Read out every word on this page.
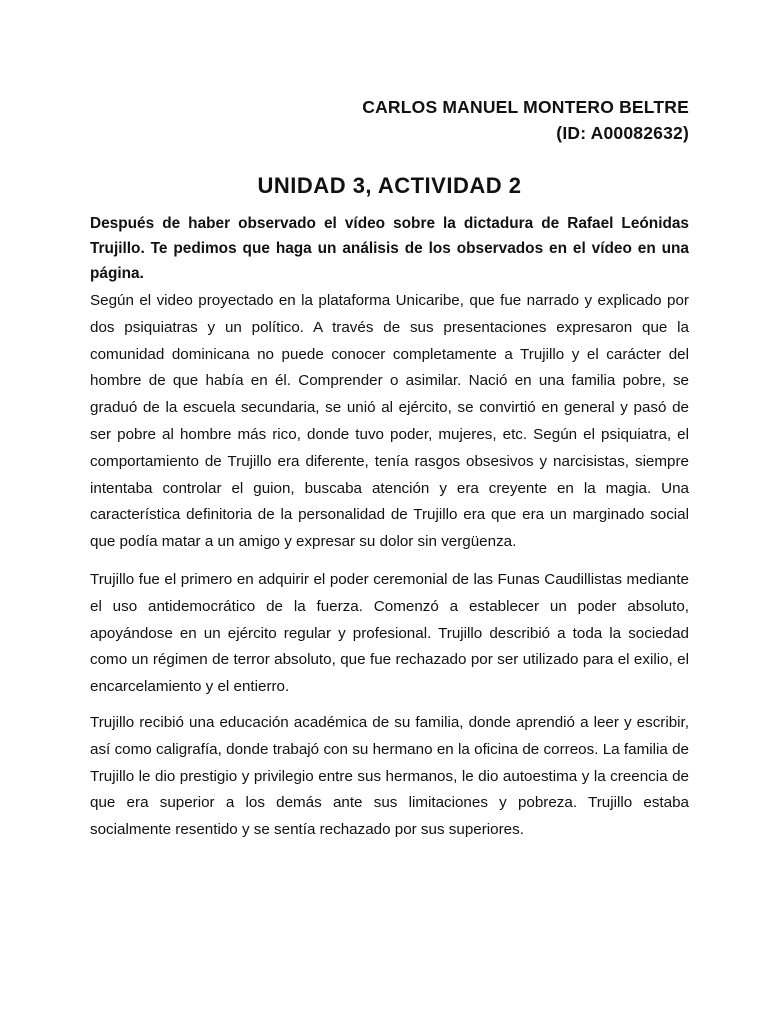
CARLOS MANUEL MONTERO BELTRE
(ID: A00082632)
UNIDAD 3, ACTIVIDAD 2
Después de haber observado el vídeo sobre la dictadura de Rafael Leónidas Trujillo. Te pedimos que haga un análisis de los observados en el vídeo en una página.
Según el video proyectado en la plataforma Unicaribe, que fue narrado y explicado por dos psiquiatras y un político. A través de sus presentaciones expresaron que la comunidad dominicana no puede conocer completamente a Trujillo y el carácter del hombre de que había en él. Comprender o asimilar. Nació en una familia pobre, se graduó de la escuela secundaria, se unió al ejército, se convirtió en general y pasó de ser pobre al hombre más rico, donde tuvo poder, mujeres, etc. Según el psiquiatra, el comportamiento de Trujillo era diferente, tenía rasgos obsesivos y narcisistas, siempre intentaba controlar el guion, buscaba atención y era creyente en la magia. Una característica definitoria de la personalidad de Trujillo era que era un marginado social que podía matar a un amigo y expresar su dolor sin vergüenza.
Trujillo fue el primero en adquirir el poder ceremonial de las Funas Caudillistas mediante el uso antidemocrático de la fuerza. Comenzó a establecer un poder absoluto, apoyándose en un ejército regular y profesional. Trujillo describió a toda la sociedad como un régimen de terror absoluto, que fue rechazado por ser utilizado para el exilio, el encarcelamiento y el entierro.
Trujillo recibió una educación académica de su familia, donde aprendió a leer y escribir, así como caligrafía, donde trabajó con su hermano en la oficina de correos. La familia de Trujillo le dio prestigio y privilegio entre sus hermanos, le dio autoestima y la creencia de que era superior a los demás ante sus limitaciones y pobreza. Trujillo estaba socialmente resentido y se sentía rechazado por sus superiores.
